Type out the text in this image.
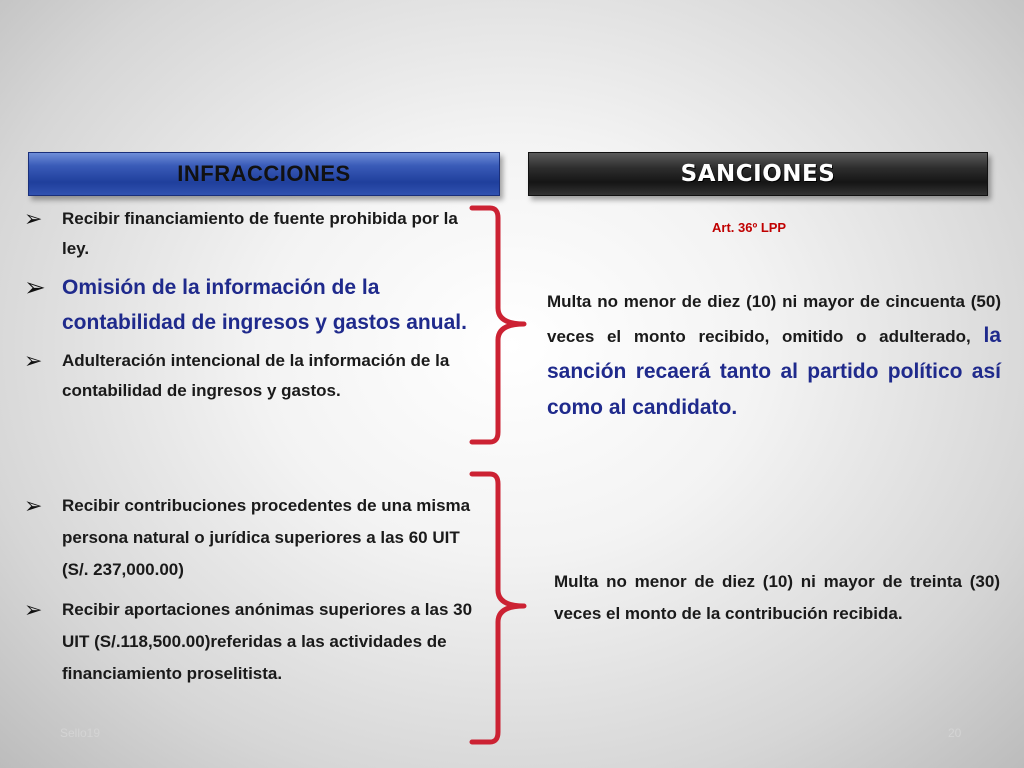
INFRACCIONES	SANCIONES
Art. 36º LPP
➢ Recibir financiamiento de fuente prohibida por la ley.
➢ Omisión de la información de la contabilidad de ingresos y gastos anual.
➢ Adulteración intencional de la información de la contabilidad de ingresos y gastos.
Multa no menor de diez (10) ni mayor de cincuenta (50) veces el monto recibido, omitido o adulterado, la sanción recaerá tanto al partido político así como al candidato.
➢ Recibir contribuciones procedentes de una misma persona natural o jurídica superiores a las 60 UIT (S/. 237,000.00)
➢ Recibir aportaciones anónimas superiores a las 30 UIT (S/.118,500.00)referidas a las actividades de financiamiento proselitista.
Multa no menor de diez (10) ni mayor de treinta (30) veces el monto de la contribución recibida.
Sello19	20
